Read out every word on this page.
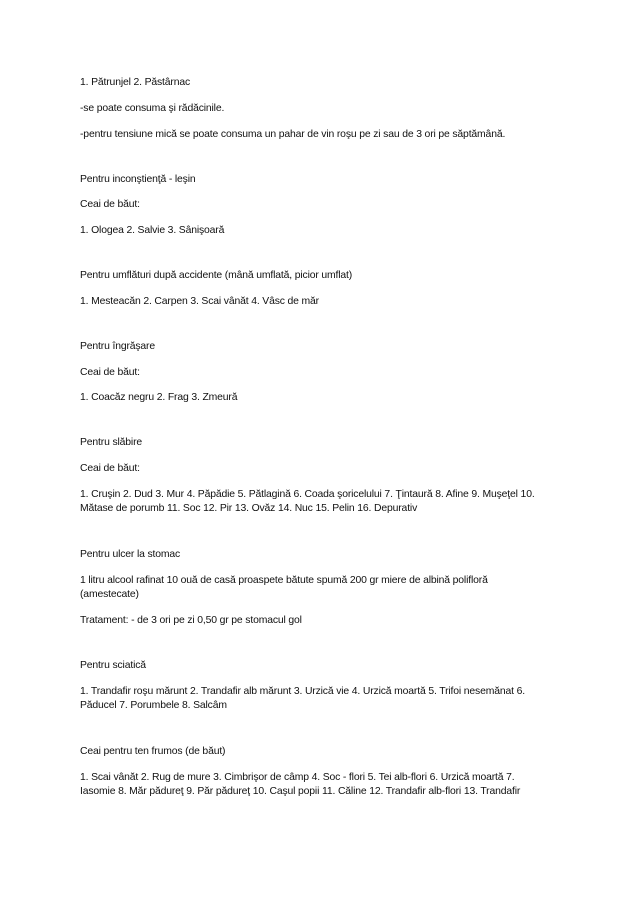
1. Pătrunjel 2. Păstârnac

-se poate consuma şi rădăcinile.

-pentru tensiune mică se poate consuma un pahar de vin roşu pe zi sau de 3 ori pe săptămână.

Pentru inconştienţă - leşin

Ceai de băut:

1. Ologea 2. Salvie 3. Sânişoară

Pentru umflături după accidente (mână umflată, picior umflat)

1. Mesteacăn 2. Carpen 3. Scai vânăt 4. Vâsc de măr

Pentru îngrăşare

Ceai de băut:

1. Coacăz negru 2. Frag 3. Zmeură

Pentru slăbire

Ceai de băut:

1. Cruşin 2. Dud 3. Mur 4. Păpădie 5. Pătlagină 6. Coada şoricelului 7. Ţintaură 8. Afine 9. Muşeţel 10.

Mătase de porumb 11. Soc 12. Pir 13. Ovăz 14. Nuc 15. Pelin 16. Depurativ

Pentru ulcer la stomac

1 litru alcool rafinat 10 ouă de casă proaspete bătute spumă 200 gr miere de albină polifloră

(amestecate)

Tratament: - de 3 ori pe zi 0,50 gr pe stomacul gol

Pentru sciatică

1. Trandafir roşu mărunt 2. Trandafir alb mărunt 3. Urzică vie 4. Urzică moartă 5. Trifoi nesemănat 6.

Păducel 7. Porumbele 8. Salcâm

Ceai pentru ten frumos (de băut)

1. Scai vânăt 2. Rug de mure 3. Cimbrişor de câmp 4. Soc - flori 5. Tei alb-flori 6. Urzică moartă 7.

Iasomie 8. Măr pădureţ 9. Păr pădureţ 10. Caşul popii 11. Căline 12. Trandafir alb-flori 13. Trandafir
